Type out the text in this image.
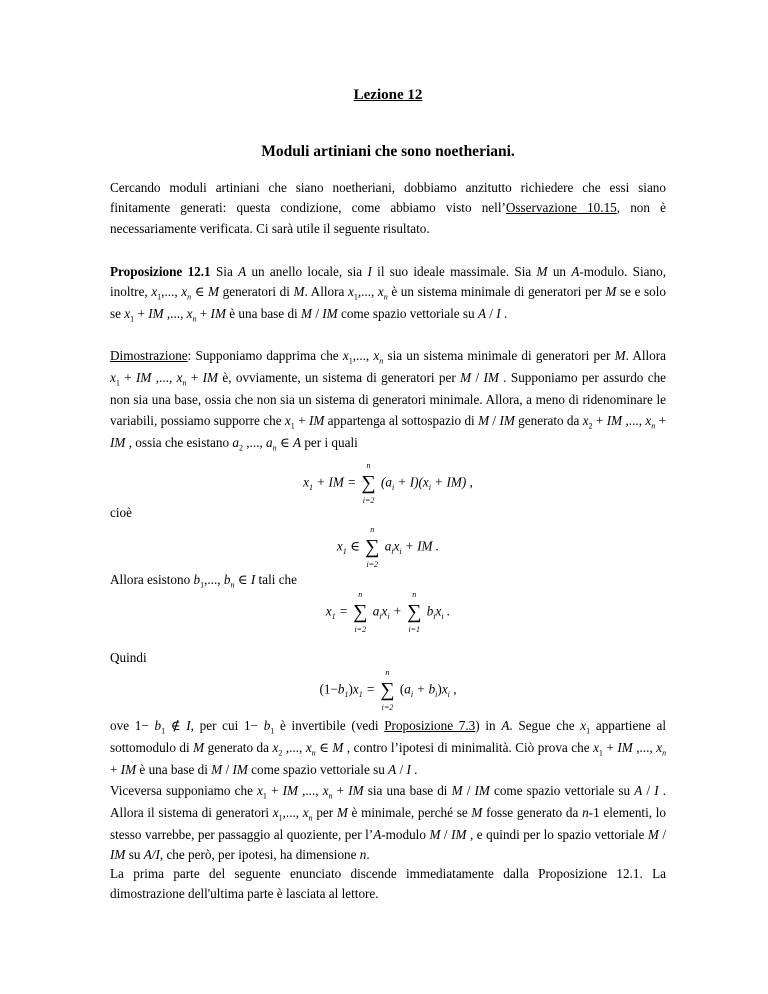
Lezione 12
Moduli artiniani che sono noetheriani.

Cercando moduli artiniani che siano noetheriani, dobbiamo anzitutto richiedere che essi siano finitamente generati: questa condizione, come abbiamo visto nell’Osservazione 10.15, non è necessariamente verificata. Ci sarà utile il seguente risultato.

Proposizione 12.1 Sia A un anello locale, sia I il suo ideale massimale. Sia M un A-modulo. Siano, inoltre, $x_1$,..., $x_n$ ∈ M generatori di M. Allora $x_1$,..., $x_n$ è un sistema minimale di generatori per M se e solo se $x_1$ + IM ,..., $x_n$ + IM è una base di M / IM come spazio vettoriale su A / I .

Dimostrazione: Supponiamo dapprima che $x_1$,..., $x_n$ sia un sistema minimale di generatori per M. Allora $x_1$ + IM ,..., $x_n$ + IM è, ovviamente, un sistema di generatori per M / IM . Supponiamo per assurdo che non sia una base, ossia che non sia un sistema di generatori minimale. Allora, a meno di ridenominare le variabili, possiamo supporre che $x_1$ + IM appartenga al sottospazio di M / IM generato da $x_2$ + IM ,..., $x_n$ + IM , ossia che esistano $a_2$ ,..., $a_n$ ∈ A per i quali

$x_1$ + IM = ∑
n
i=2
$(a_i + I)(x_i + IM)$ ,

cioè

$x_1$ ∈ ∑
n
i=2
$a_ix_i$ + IM .

Allora esistono $b_1$,..., $b_n$ ∈ I tali che

$x_1$ = ∑
n
i=2
$a_ix_i$ + ∑
n
i=1
$b_ix_i$ .

Quindi

$(1-b_1)x_1$ = ∑
n
i=2
$(a_i + b_i)x_i$ ,

ove $1- b_1$ ∉ I, per cui $1- b_1$ è invertibile (vedi Proposizione 7.3) in A. Segue che $x_1$ appartiene al sottomodulo di M generato da $x_2$ ,..., $x_n$ ∈ M , contro l’ipotesi di minimalità. Ciò prova che $x_1$ + IM ,..., $x_n$ + IM è una base di M / IM come spazio vettoriale su A / I .
Viceversa supponiamo che $x_1$ + IM ,..., $x_n$ + IM sia una base di M / IM come spazio vettoriale su A / I . Allora il sistema di generatori $x_1$,..., $x_n$ per M è minimale, perché se M fosse generato da n-1 elementi, lo stesso varrebbe, per passaggio al quoziente, per l’A-modulo M / IM , e quindi per lo spazio vettoriale M / IM su A/I, che però, per ipotesi, ha dimensione n.

La prima parte del seguente enunciato discende immediatamente dalla Proposizione 12.1. La dimostrazione dell'ultima parte è lasciata al lettore.
